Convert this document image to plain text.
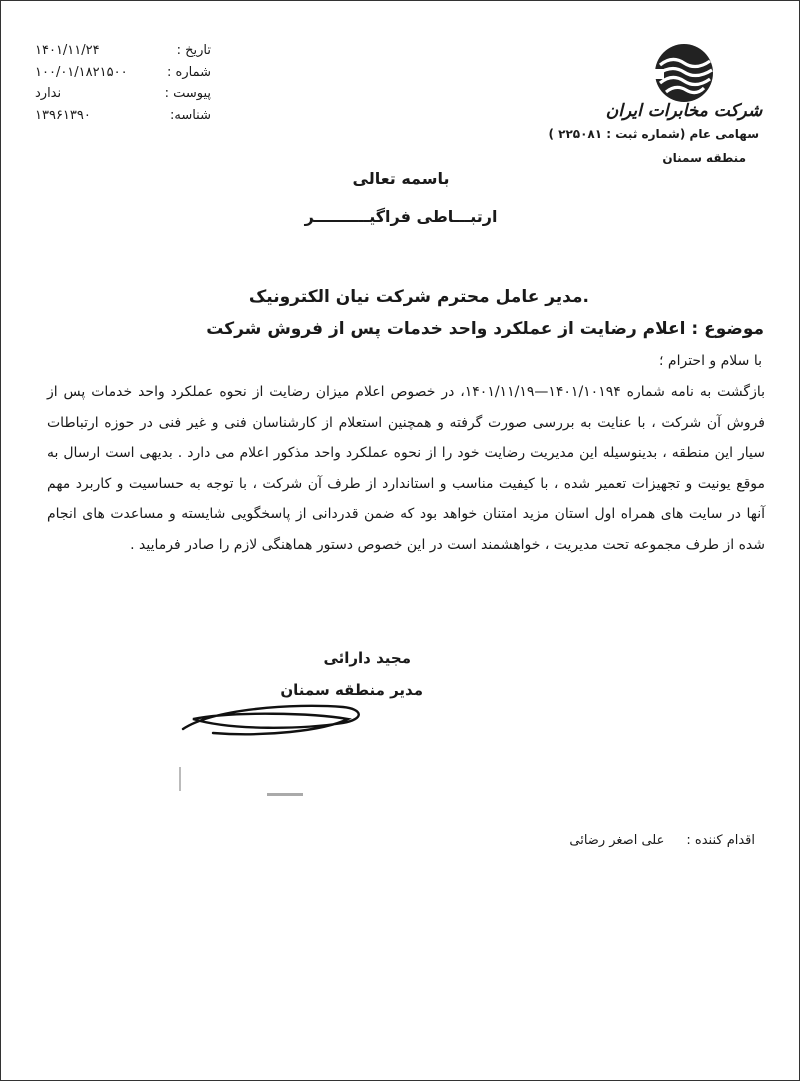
تاریخ :
۱۴۰۱/۱۱/۲۴
شماره :
۱۰۰/۰۱/۱۸۲۱۵۰۰
پیوست :
ندارد
شناسه:
۱۳۹۶۱۳۹۰	شرکت مخابرات ایران
سهامی عام (شماره ثبت : ۲۲۵۰۸۱ )
منطقه سمنان
باسمه تعالی
ارتبـــاطی فراگیــــــــــر
.مدیر عامل محترم شرکت نیان الکترونیک
موضوع : اعلام رضایت از عملکرد واحد خدمات پس از فروش شرکت
با سلام و احترام ؛
بازگشت به نامه شماره ۱۴۰۱/۱۰۱۹۴—۱۴۰۱/۱۱/۱۹، در خصوص اعلام میزان رضایت از نحوه عملکرد واحد خدمات پس از فروش آن شرکت ، با عنایت به بررسی صورت گرفته و همچنین استعلام از کارشناسان فنی و غیر فنی در حوزه ارتباطات سیار این منطقه ، بدینوسیله این مدیریت رضایت خود را از نحوه عملکرد واحد مذکور اعلام می دارد . بدیهی است ارسال به موقع یونیت و تجهیزات تعمیر شده ، با کیفیت مناسب و استاندارد از طرف آن شرکت ، با توجه به حساسیت و کاربرد مهم آنها در سایت های همراه اول استان مزید امتنان خواهد بود که ضمن قدردانی از پاسخگویی شایسته و مساعدت های انجام شده از طرف مجموعه تحت مدیریت ، خواهشمند است در این خصوص دستور هماهنگی لازم را صادر فرمایید .
مجید دارائی
مدیر منطقه سمنان
اقدام کننده :
علی اصغر رضائی
